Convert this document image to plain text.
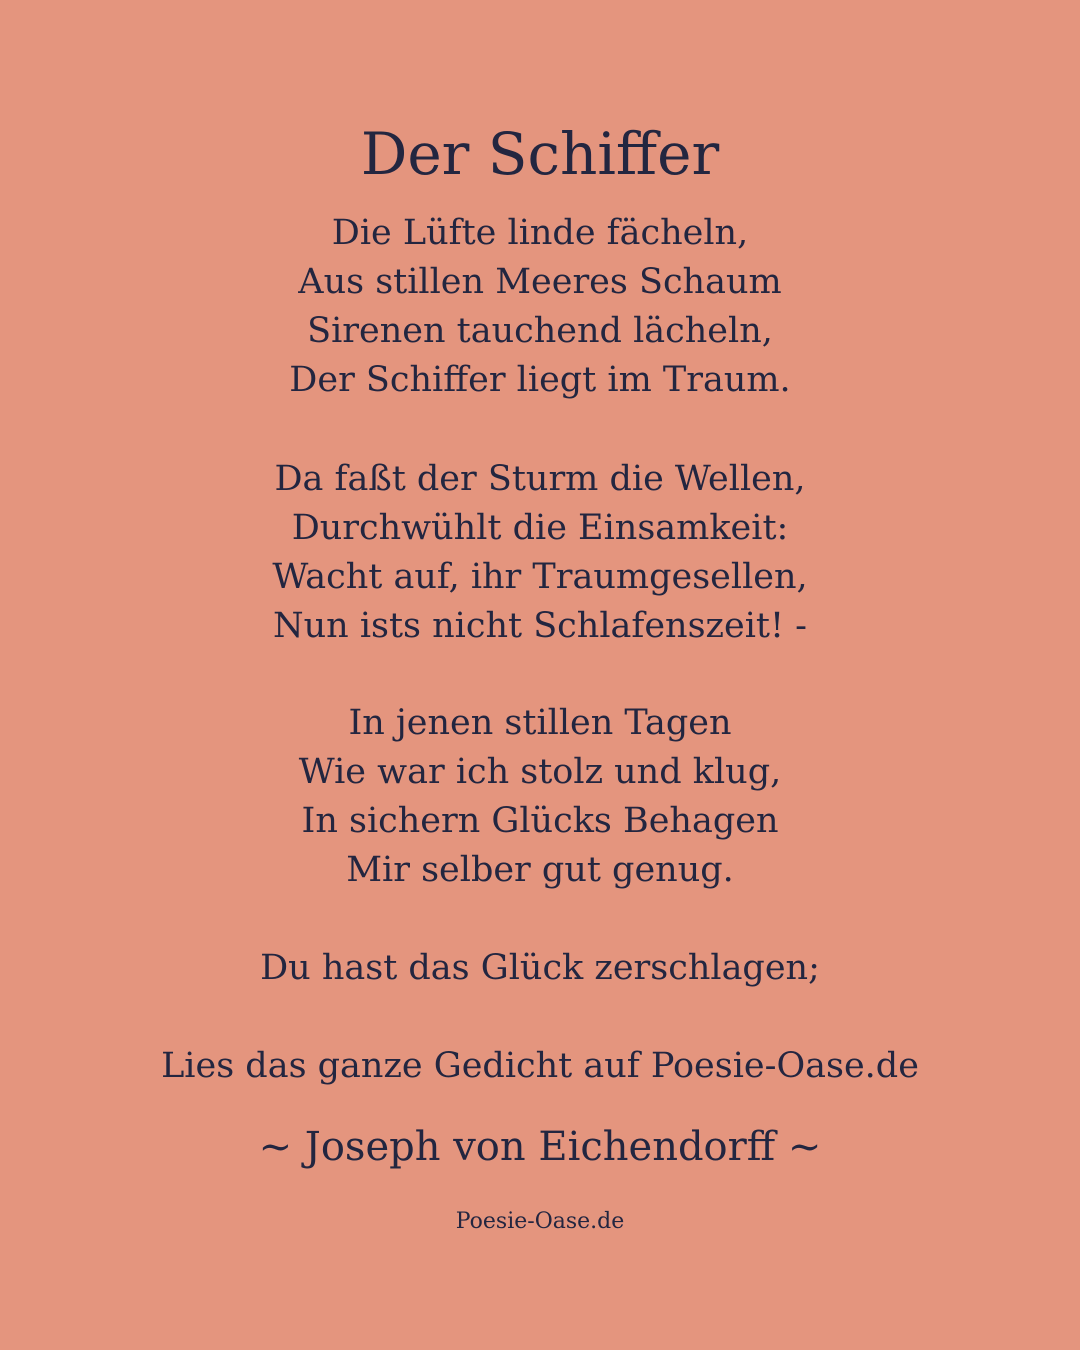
Der Schiffer
Die Lüfte linde fächeln,
Aus stillen Meeres Schaum
Sirenen tauchend lächeln,
Der Schiffer liegt im Traum.
Da faßt der Sturm die Wellen,
Durchwühlt die Einsamkeit:
Wacht auf, ihr Traumgesellen,
Nun ists nicht Schlafenszeit! -
In jenen stillen Tagen
Wie war ich stolz und klug,
In sichern Glücks Behagen
Mir selber gut genug.
Du hast das Glück zerschlagen;
Lies das ganze Gedicht auf Poesie-Oase.de
~ Joseph von Eichendorff ~
Poesie-Oase.de
